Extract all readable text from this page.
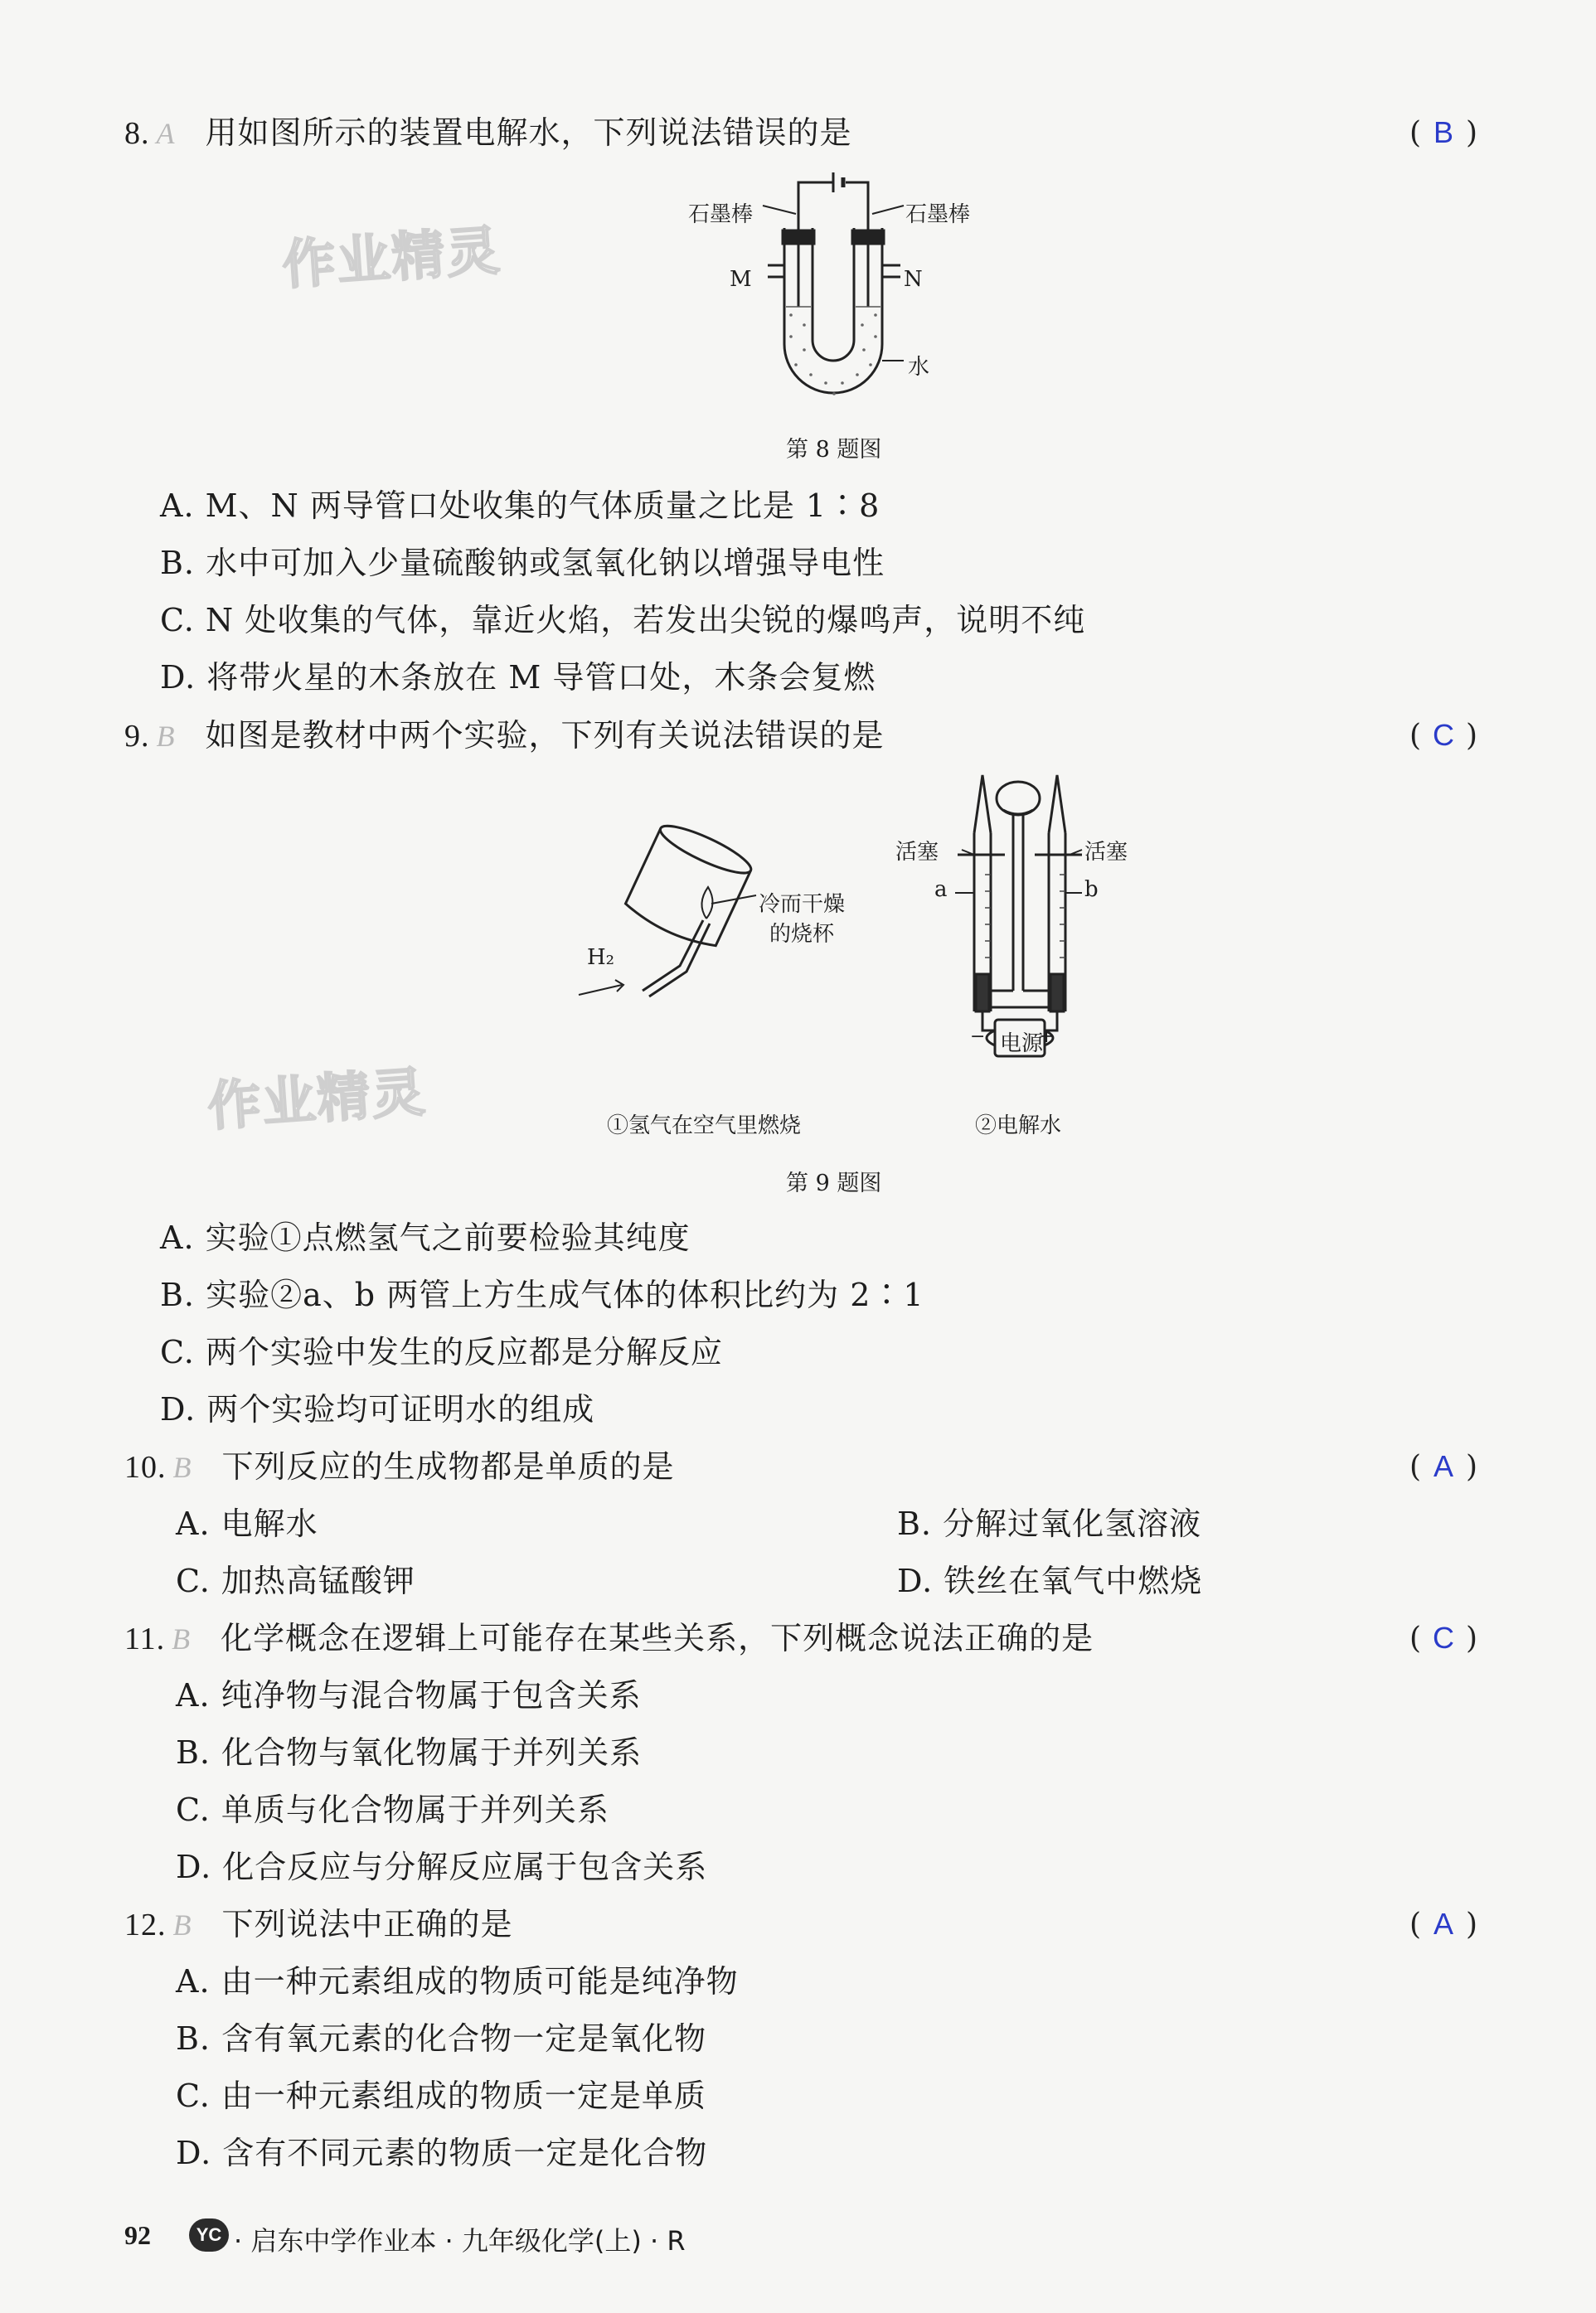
作业精灵
作业精灵
8. A 用如图所示的装置电解水，下列说法错误的是	( B )
石墨棒	石墨棒
M	N
水
第 8 题图
A. M、N 两导管口处收集的气体质量之比是 1∶8
B. 水中可加入少量硫酸钠或氢氧化钠以增强导电性
C. N 处收集的气体，靠近火焰，若发出尖锐的爆鸣声，说明不纯
D. 将带火星的木条放在 M 导管口处，木条会复燃
9. B 如图是教材中两个实验，下列有关说法错误的是	( C )
H₂
冷而干燥
的烧杯
活塞	活塞
a	b
−	+
电源
①氢气在空气里燃烧	②电解水
第 9 题图
A. 实验①点燃氢气之前要检验其纯度
B. 实验②a、b 两管上方生成气体的体积比约为 2∶1
C. 两个实验中发生的反应都是分解反应
D. 两个实验均可证明水的组成
10. B 下列反应的生成物都是单质的是	( A )
A. 电解水	B. 分解过氧化氢溶液
C. 加热高锰酸钾	D. 铁丝在氧气中燃烧
11. B 化学概念在逻辑上可能存在某些关系，下列概念说法正确的是	( C )
A. 纯净物与混合物属于包含关系
B. 化合物与氧化物属于并列关系
C. 单质与化合物属于并列关系
D. 化合反应与分解反应属于包含关系
12. B 下列说法中正确的是	( A )
A. 由一种元素组成的物质可能是纯净物
B. 含有氧元素的化合物一定是氧化物
C. 由一种元素组成的物质一定是单质
D. 含有不同元素的物质一定是化合物
92	YC · 启东中学作业本 · 九年级化学(上) · R
